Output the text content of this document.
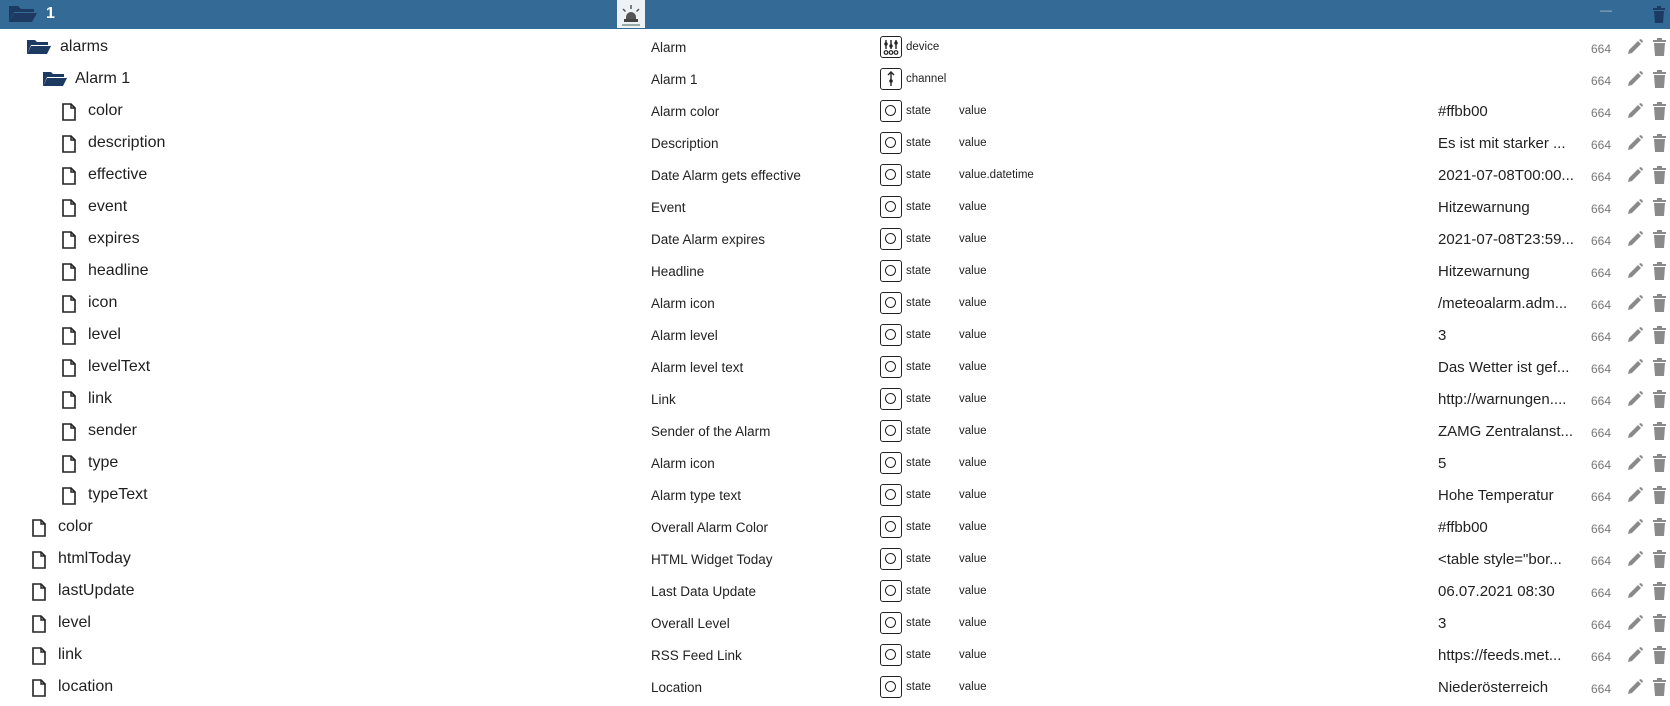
1	—
alarms	Alarm	device	664
Alarm 1	Alarm 1	channel	664
color	Alarm color	state value	#ffbb00	664
description	Description	state value	Es ist mit starker ...	664
effective	Date Alarm gets effective	state value.datetime	2021-07-08T00:00...	664
event	Event	state value	Hitzewarnung	664
expires	Date Alarm expires	state value	2021-07-08T23:59...	664
headline	Headline	state value	Hitzewarnung	664
icon	Alarm icon	state value	/meteoalarm.adm...	664
level	Alarm level	state value	3	664
levelText	Alarm level text	state value	Das Wetter ist gef...	664
link	Link	state value	http://warnungen....	664
sender	Sender of the Alarm	state value	ZAMG Zentralanst...	664
type	Alarm icon	state value	5	664
typeText	Alarm type text	state value	Hohe Temperatur	664
color	Overall Alarm Color	state value	#ffbb00	664
htmlToday	HTML Widget Today	state value	<table style="bor...	664
lastUpdate	Last Data Update	state value	06.07.2021 08:30	664
level	Overall Level	state value	3	664
link	RSS Feed Link	state value	https://feeds.met...	664
location	Location	state value	Niederösterreich	664
